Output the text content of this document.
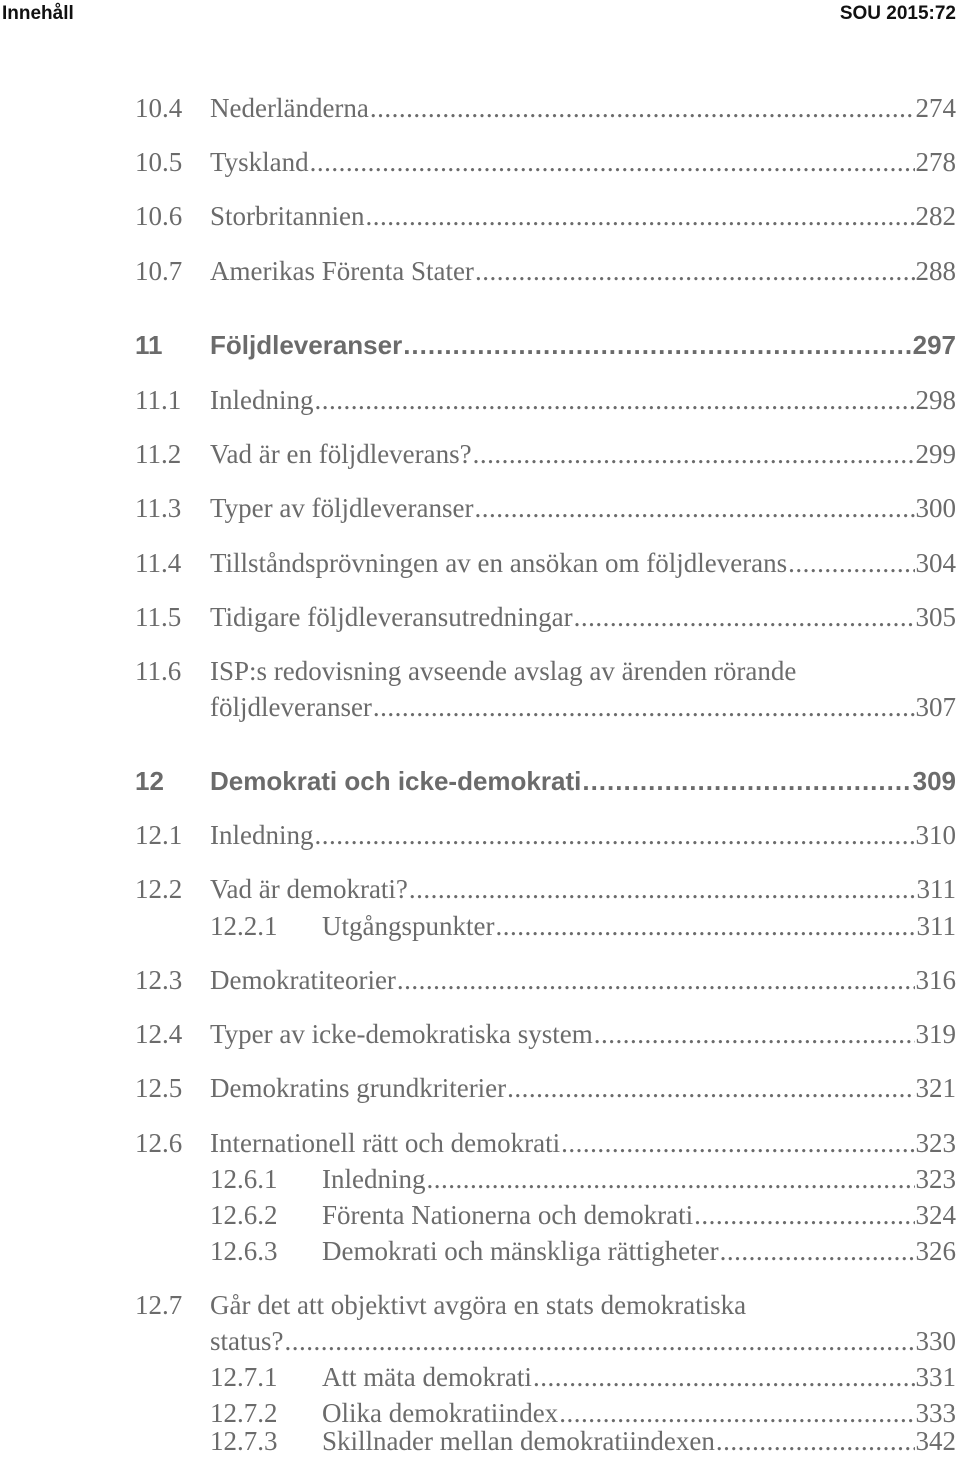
Innehåll	SOU 2015:72
10.4 Nederländerna .....	274
10.5 Tyskland .....	278
10.6 Storbritannien .....	282
10.7 Amerikas Förenta Stater .....	288
11 Följdleveranser .....	297
11.1 Inledning .....	298
11.2 Vad är en följdleverans? .....	299
11.3 Typer av följdleveranser .....	300
11.4 Tillståndsprövningen av en ansökan om följdleverans .....	304
11.5 Tidigare följdleveransutredningar .....	305
11.6 ISP:s redovisning avseende avslag av ärenden rörande
följdleveranser .....	307
12 Demokrati och icke-demokrati .....	309
12.1 Inledning .....	310
12.2 Vad är demokrati? .....	311
12.2.1 Utgångspunkter .....	311
12.3 Demokratiteorier .....	316
12.4 Typer av icke-demokratiska system .....	319
12.5 Demokratins grundkriterier .....	321
12.6 Internationell rätt och demokrati .....	323
12.6.1 Inledning .....	323
12.6.2 Förenta Nationerna och demokrati .....	324
12.6.3 Demokrati och mänskliga rättigheter .....	326
12.7 Går det att objektivt avgöra en stats demokratiska
status? .....	330
12.7.1 Att mäta demokrati .....	331
12.7.2 Olika demokratiindex .....	333
12.7.3 Skillnader mellan demokratiindexen .....	342
